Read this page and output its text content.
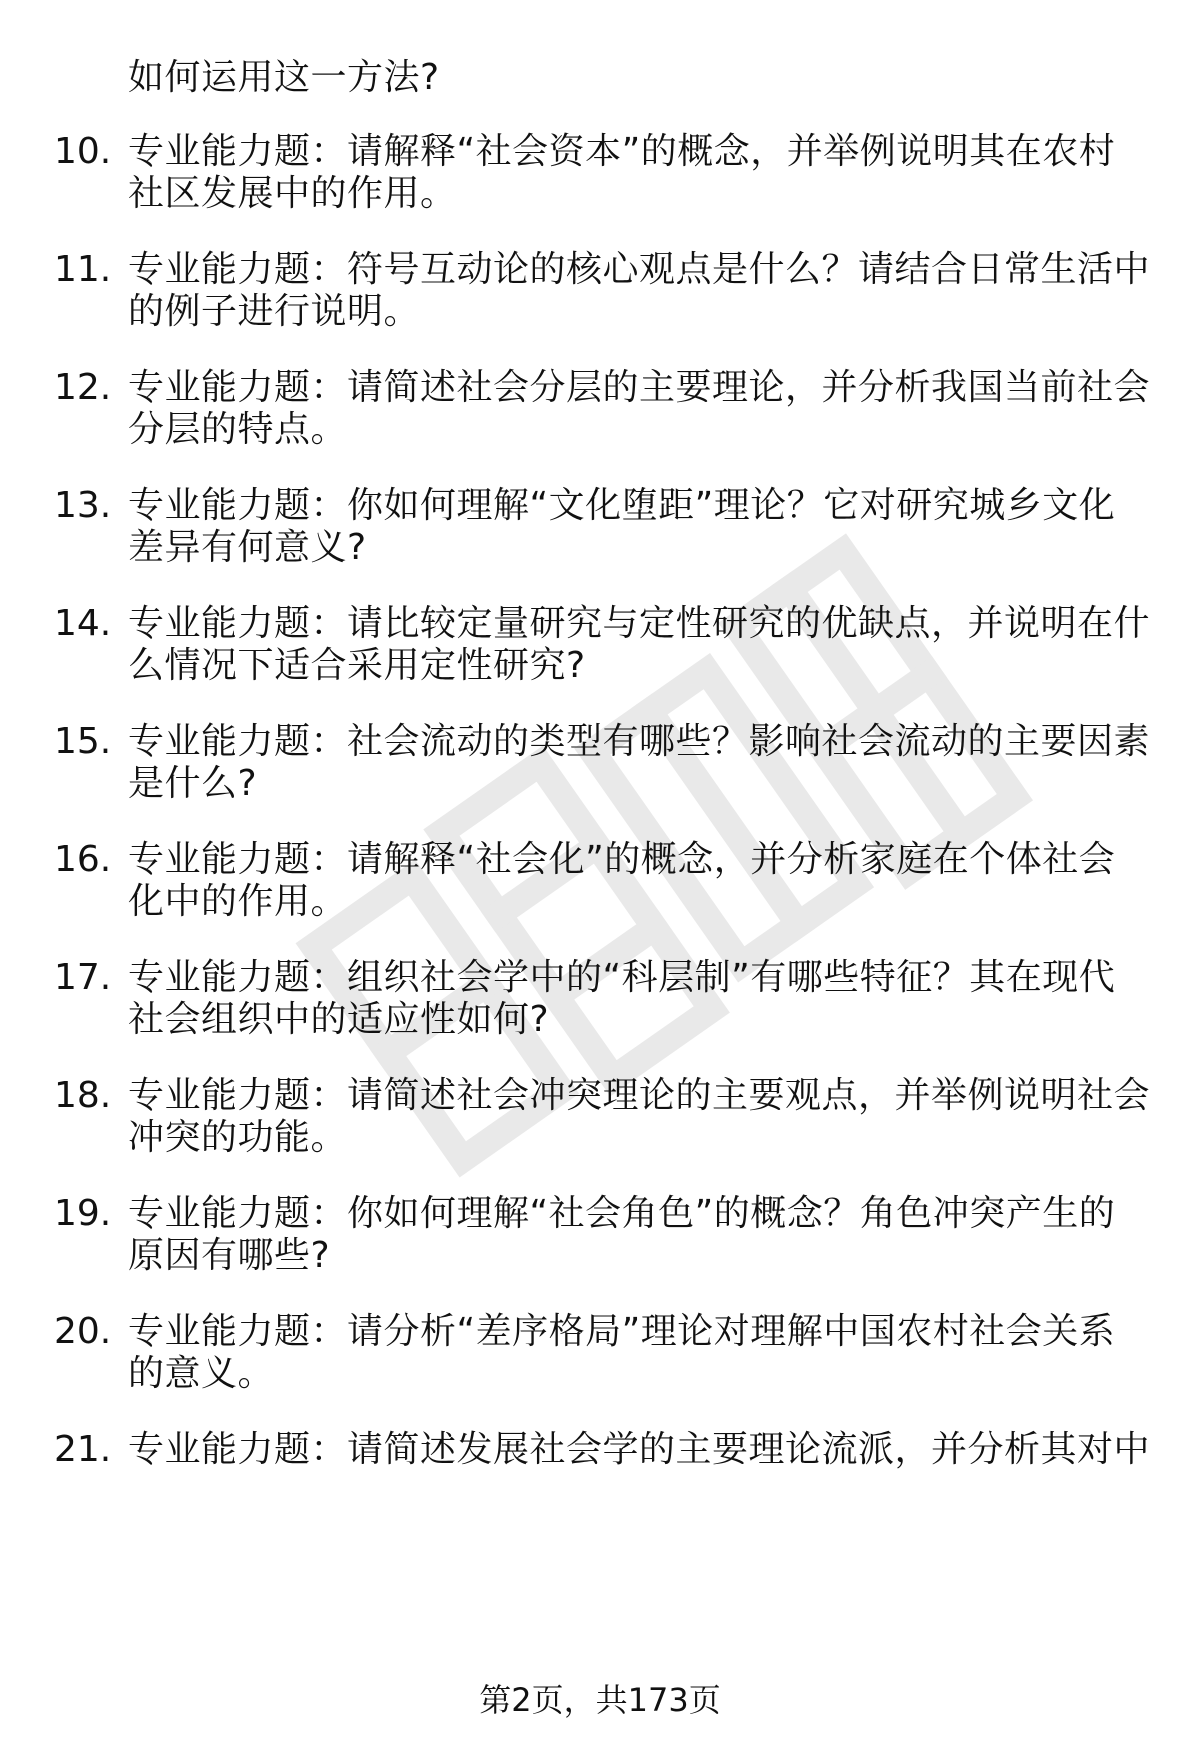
如何运用这一方法?
10. 专业能力题：请解释“社会资本”的概念，并举例说明其在农村
社区发展中的作用。
11. 专业能力题：符号互动论的核心观点是什么？请结合日常生活中
的例子进行说明。
12. 专业能力题：请简述社会分层的主要理论，并分析我国当前社会
分层的特点。
13. 专业能力题：你如何理解“文化堕距”理论？它对研究城乡文化
差异有何意义?
14. 专业能力题：请比较定量研究与定性研究的优缺点，并说明在什
么情况下适合采用定性研究?
15. 专业能力题：社会流动的类型有哪些？影响社会流动的主要因素
是什么?
16. 专业能力题：请解释“社会化”的概念，并分析家庭在个体社会
化中的作用。
17. 专业能力题：组织社会学中的“科层制”有哪些特征？其在现代
社会组织中的适应性如何?
18. 专业能力题：请简述社会冲突理论的主要观点，并举例说明社会
冲突的功能。
19. 专业能力题：你如何理解“社会角色”的概念？角色冲突产生的
原因有哪些?
20. 专业能力题：请分析“差序格局”理论对理解中国农村社会关系
的意义。
21. 专业能力题：请简述发展社会学的主要理论流派，并分析其对中
第2页，共173页
